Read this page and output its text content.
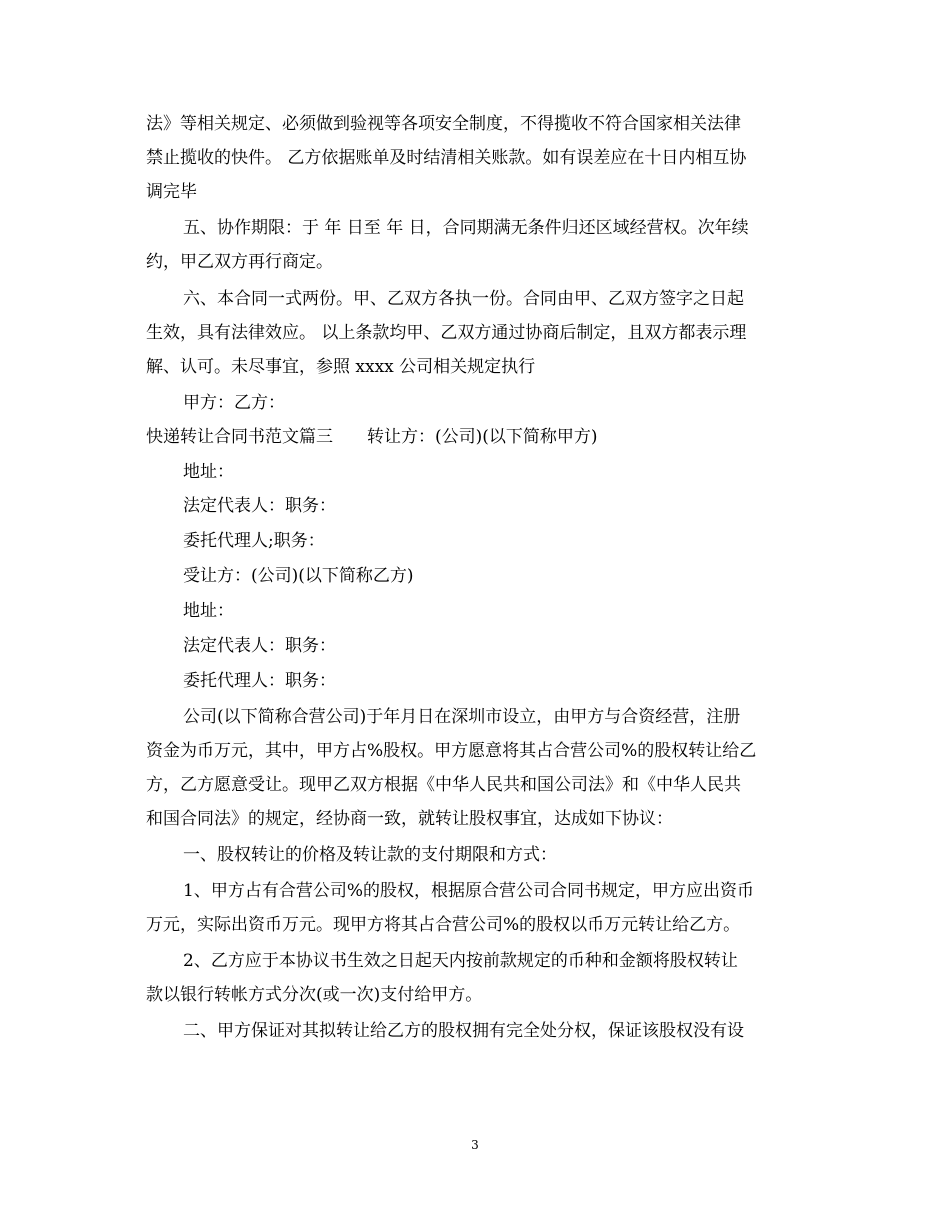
法》等相关规定、必须做到验视等各项安全制度，不得揽收不符合国家相关法律
禁止揽收的快件。 乙方依据账单及时结清相关账款。如有误差应在十日内相互协
调完毕
五、协作期限：于 年 日至 年 日，合同期满无条件归还区域经营权。次年续
约，甲乙双方再行商定。
六、本合同一式两份。甲、乙双方各执一份。合同由甲、乙双方签字之日起
生效，具有法律效应。 以上条款均甲、乙双方通过协商后制定，且双方都表示理
解、认可。未尽事宜，参照 xxxx 公司相关规定执行
甲方：乙方：
快递转让合同书范文篇三　　转让方：(公司)(以下简称甲方)
地址：
法定代表人：职务：
委托代理人;职务：
受让方：(公司)(以下简称乙方)
地址：
法定代表人：职务：
委托代理人：职务：
公司(以下简称合营公司)于年月日在深圳市设立，由甲方与合资经营，注册
资金为币万元，其中，甲方占%股权。甲方愿意将其占合营公司%的股权转让给乙
方，乙方愿意受让。现甲乙双方根据《中华人民共和国公司法》和《中华人民共
和国合同法》的规定，经协商一致，就转让股权事宜，达成如下协议：
一、股权转让的价格及转让款的支付期限和方式：
1、甲方占有合营公司%的股权，根据原合营公司合同书规定，甲方应出资币
万元，实际出资币万元。现甲方将其占合营公司%的股权以币万元转让给乙方。
2、乙方应于本协议书生效之日起天内按前款规定的币种和金额将股权转让
款以银行转帐方式分次(或一次)支付给甲方。
二、甲方保证对其拟转让给乙方的股权拥有完全处分权，保证该股权没有设
3
